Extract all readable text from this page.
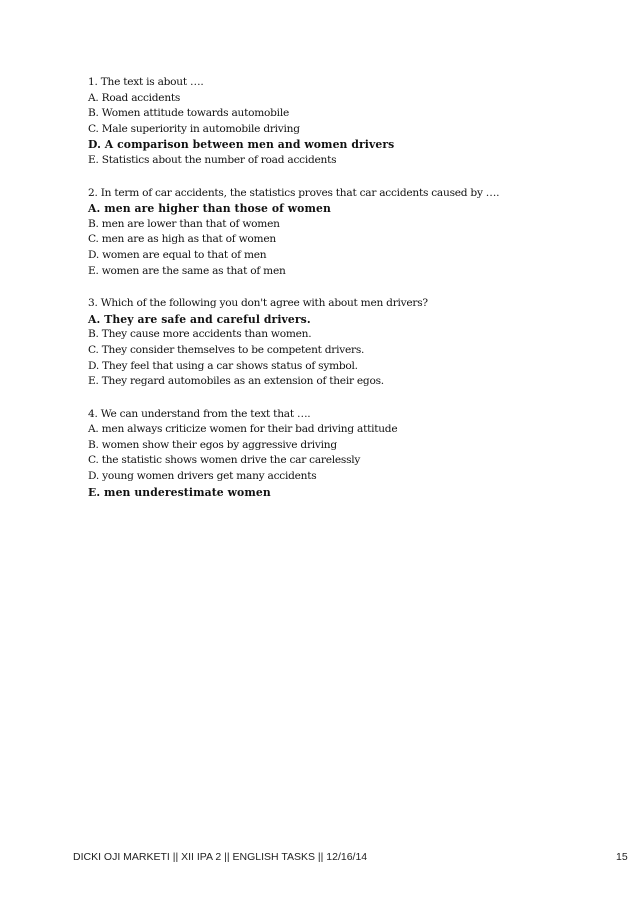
1. The text is about ….
A. Road accidents
B. Women attitude towards automobile
C. Male superiority in automobile driving
D. A comparison between men and women drivers
E. Statistics about the number of road accidents
2. In term of car accidents, the statistics proves that car accidents caused by ….
A. men are higher than those of women
B. men are lower than that of women
C. men are as high as that of women
D. women are equal to that of men
E. women are the same as that of men
3. Which of the following you don't agree with about men drivers?
A. They are safe and careful drivers.
B. They cause more accidents than women.
C. They consider themselves to be competent drivers.
D. They feel that using a car shows status of symbol.
E. They regard automobiles as an extension of their egos.
4. We can understand from the text that ….
A. men always criticize women for their bad driving attitude
B. women show their egos by aggressive driving
C. the statistic shows women drive the car carelessly
D. young women drivers get many accidents
E. men underestimate women
DICKI OJI MARKETI || XII IPA 2 || ENGLISH TASKS || 12/16/14	15
